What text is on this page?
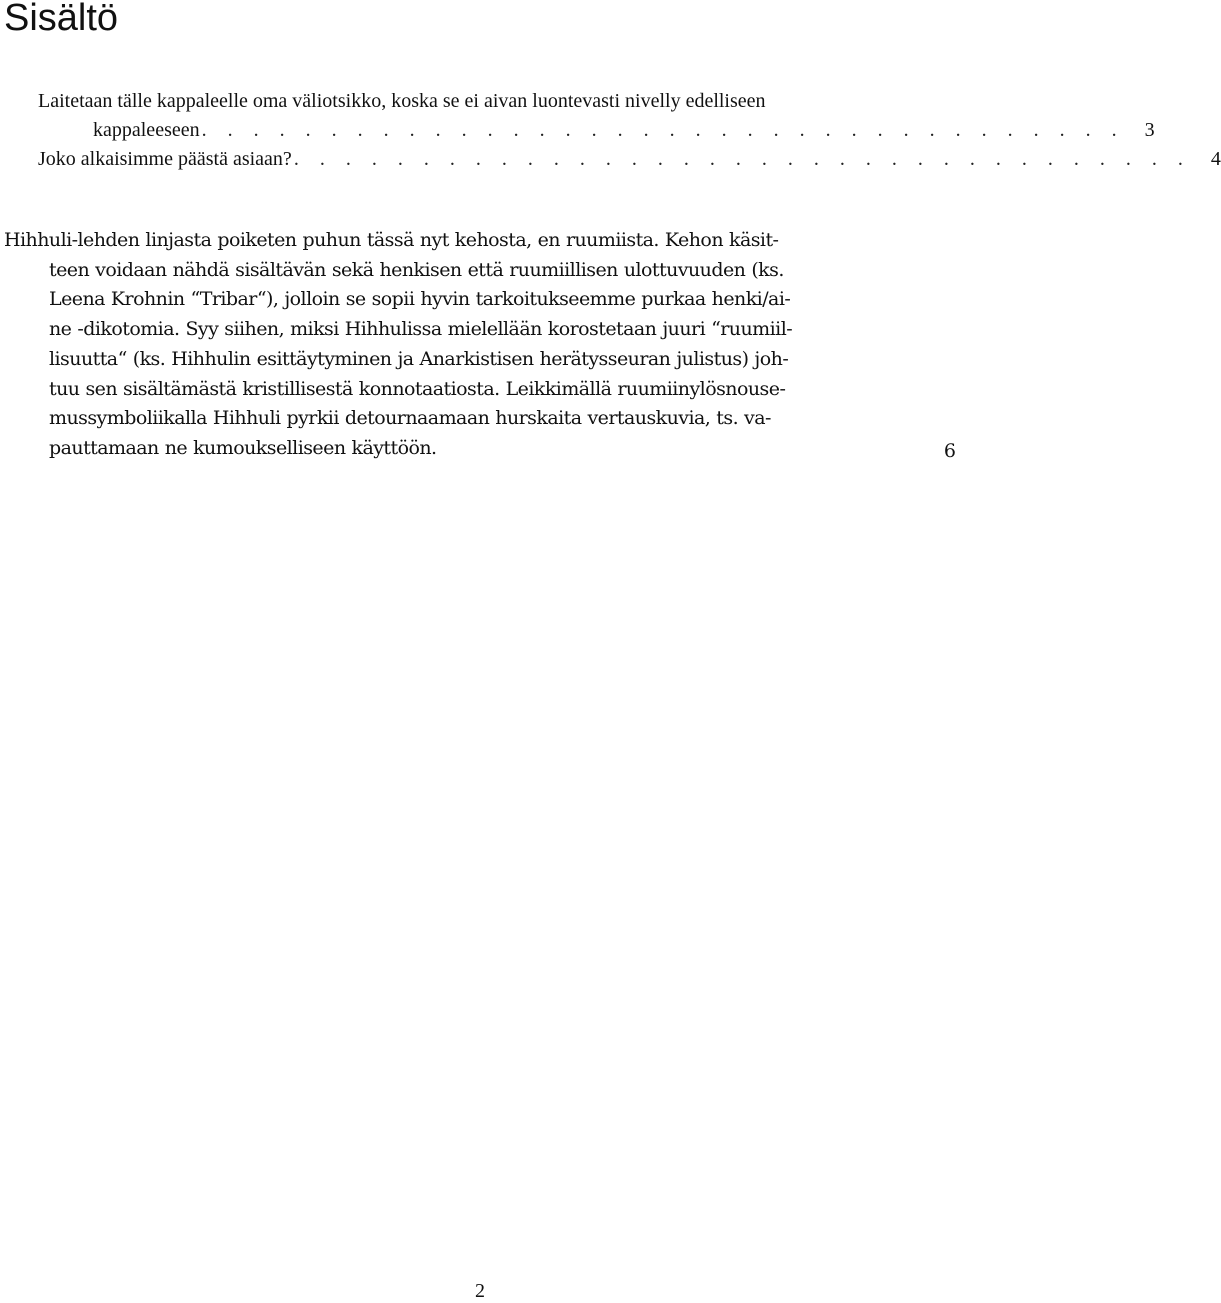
Sisältö
Laitetaan tälle kappaleelle oma väliotsikko, koska se ei aivan luontevasti nivelly edelliseen
kappaleeseen . . . . . . . . . . . . . . . . . . . . . . . . . . . . . . . . . . . . 3
Joko alkaisimme päästä asiaan? . . . . . . . . . . . . . . . . . . . . . . . . . . . . . . . . . . . 4

Hihhuli-lehden linjasta poiketen puhun tässä nyt kehosta, en ruumiista. Kehon käsit-
teen voidaan nähdä sisältävän sekä henkisen että ruumiillisen ulottuvuuden (ks.
Leena Krohnin “Tribar“), jolloin se sopii hyvin tarkoitukseemme purkaa henki/ai-
ne -dikotomia. Syy siihen, miksi Hihhulissa mielellään korostetaan juuri “ruumiil-
lisuutta“ (ks. Hihhulin esittäytyminen ja Anarkistisen herätysseuran julistus) joh-
tuu sen sisältämästä kristillisestä konnotaatiosta. Leikkimällä ruumiinylösnouse-
mussymboliikalla Hihhuli pyrkii detournaamaan hurskaita vertauskuvia, ts. va-
pauttamaan ne kumoukselliseen käyttöön.	6
2
